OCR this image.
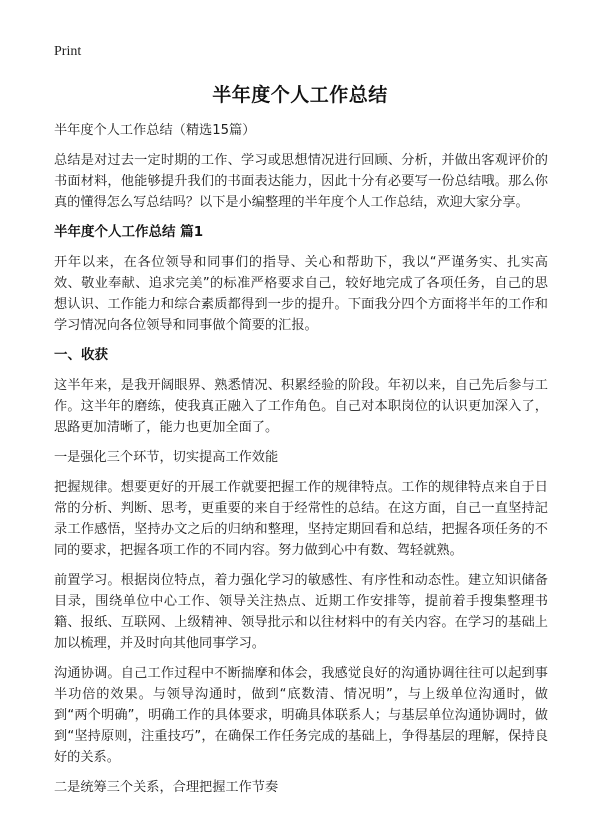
Print
半年度个人工作总结

半年度个人工作总结（精选15篇）

总结是对过去一定时期的工作、学习或思想情况进行回顾、分析，并做出客观评价的书面材料，他能够提升我们的书面表达能力，因此十分有必要写一份总结哦。那么你真的懂得怎么写总结吗？以下是小编整理的半年度个人工作总结，欢迎大家分享。

半年度个人工作总结 篇1

开年以来，在各位领导和同事们的指导、关心和帮助下，我以“严谨务实、扎实高效、敬业奉献、追求完美”的标准严格要求自己，较好地完成了各项任务，自己的思想认识、工作能力和综合素质都得到一步的提升。下面我分四个方面将半年的工作和学习情况向各位领导和同事做个简要的汇报。

一、收获

这半年来，是我开阔眼界、熟悉情况、积累经验的阶段。年初以来，自己先后参与工作。这半年的磨练，使我真正融入了工作角色。自己对本职岗位的认识更加深入了，思路更加清晰了，能力也更加全面了。

一是强化三个环节，切实提高工作效能

把握规律。想要更好的开展工作就要把握工作的规律特点。工作的规律特点来自于日常的分析、判断、思考，更重要的来自于经常性的总结。在这方面，自己一直坚持記录工作感悟，坚持办文之后的归纳和整理，坚持定期回看和总结，把握各项任务的不同的要求，把握各项工作的不同内容。努力做到心中有数、驾轻就熟。

前置学习。根据岗位特点，着力强化学习的敏感性、有序性和动态性。建立知识储备目录，围绕单位中心工作、领导关注热点、近期工作安排等，提前着手搜集整理书籍、报纸、互联网、上级精神、领导批示和以往材料中的有关内容。在学习的基础上加以梳理，并及时向其他同事学习。

沟通协调。自己工作过程中不断揣摩和体会，我感觉良好的沟通协调往往可以起到事半功倍的效果。与领导沟通时，做到“底数清、情况明”，与上级单位沟通时，做到“两个明确”，明确工作的具体要求，明确具体联系人；与基层单位沟通协调时，做到“坚持原则，注重技巧”，在确保工作任务完成的基础上，争得基层的理解，保持良好的关系。

二是统筹三个关系，合理把握工作节奏
